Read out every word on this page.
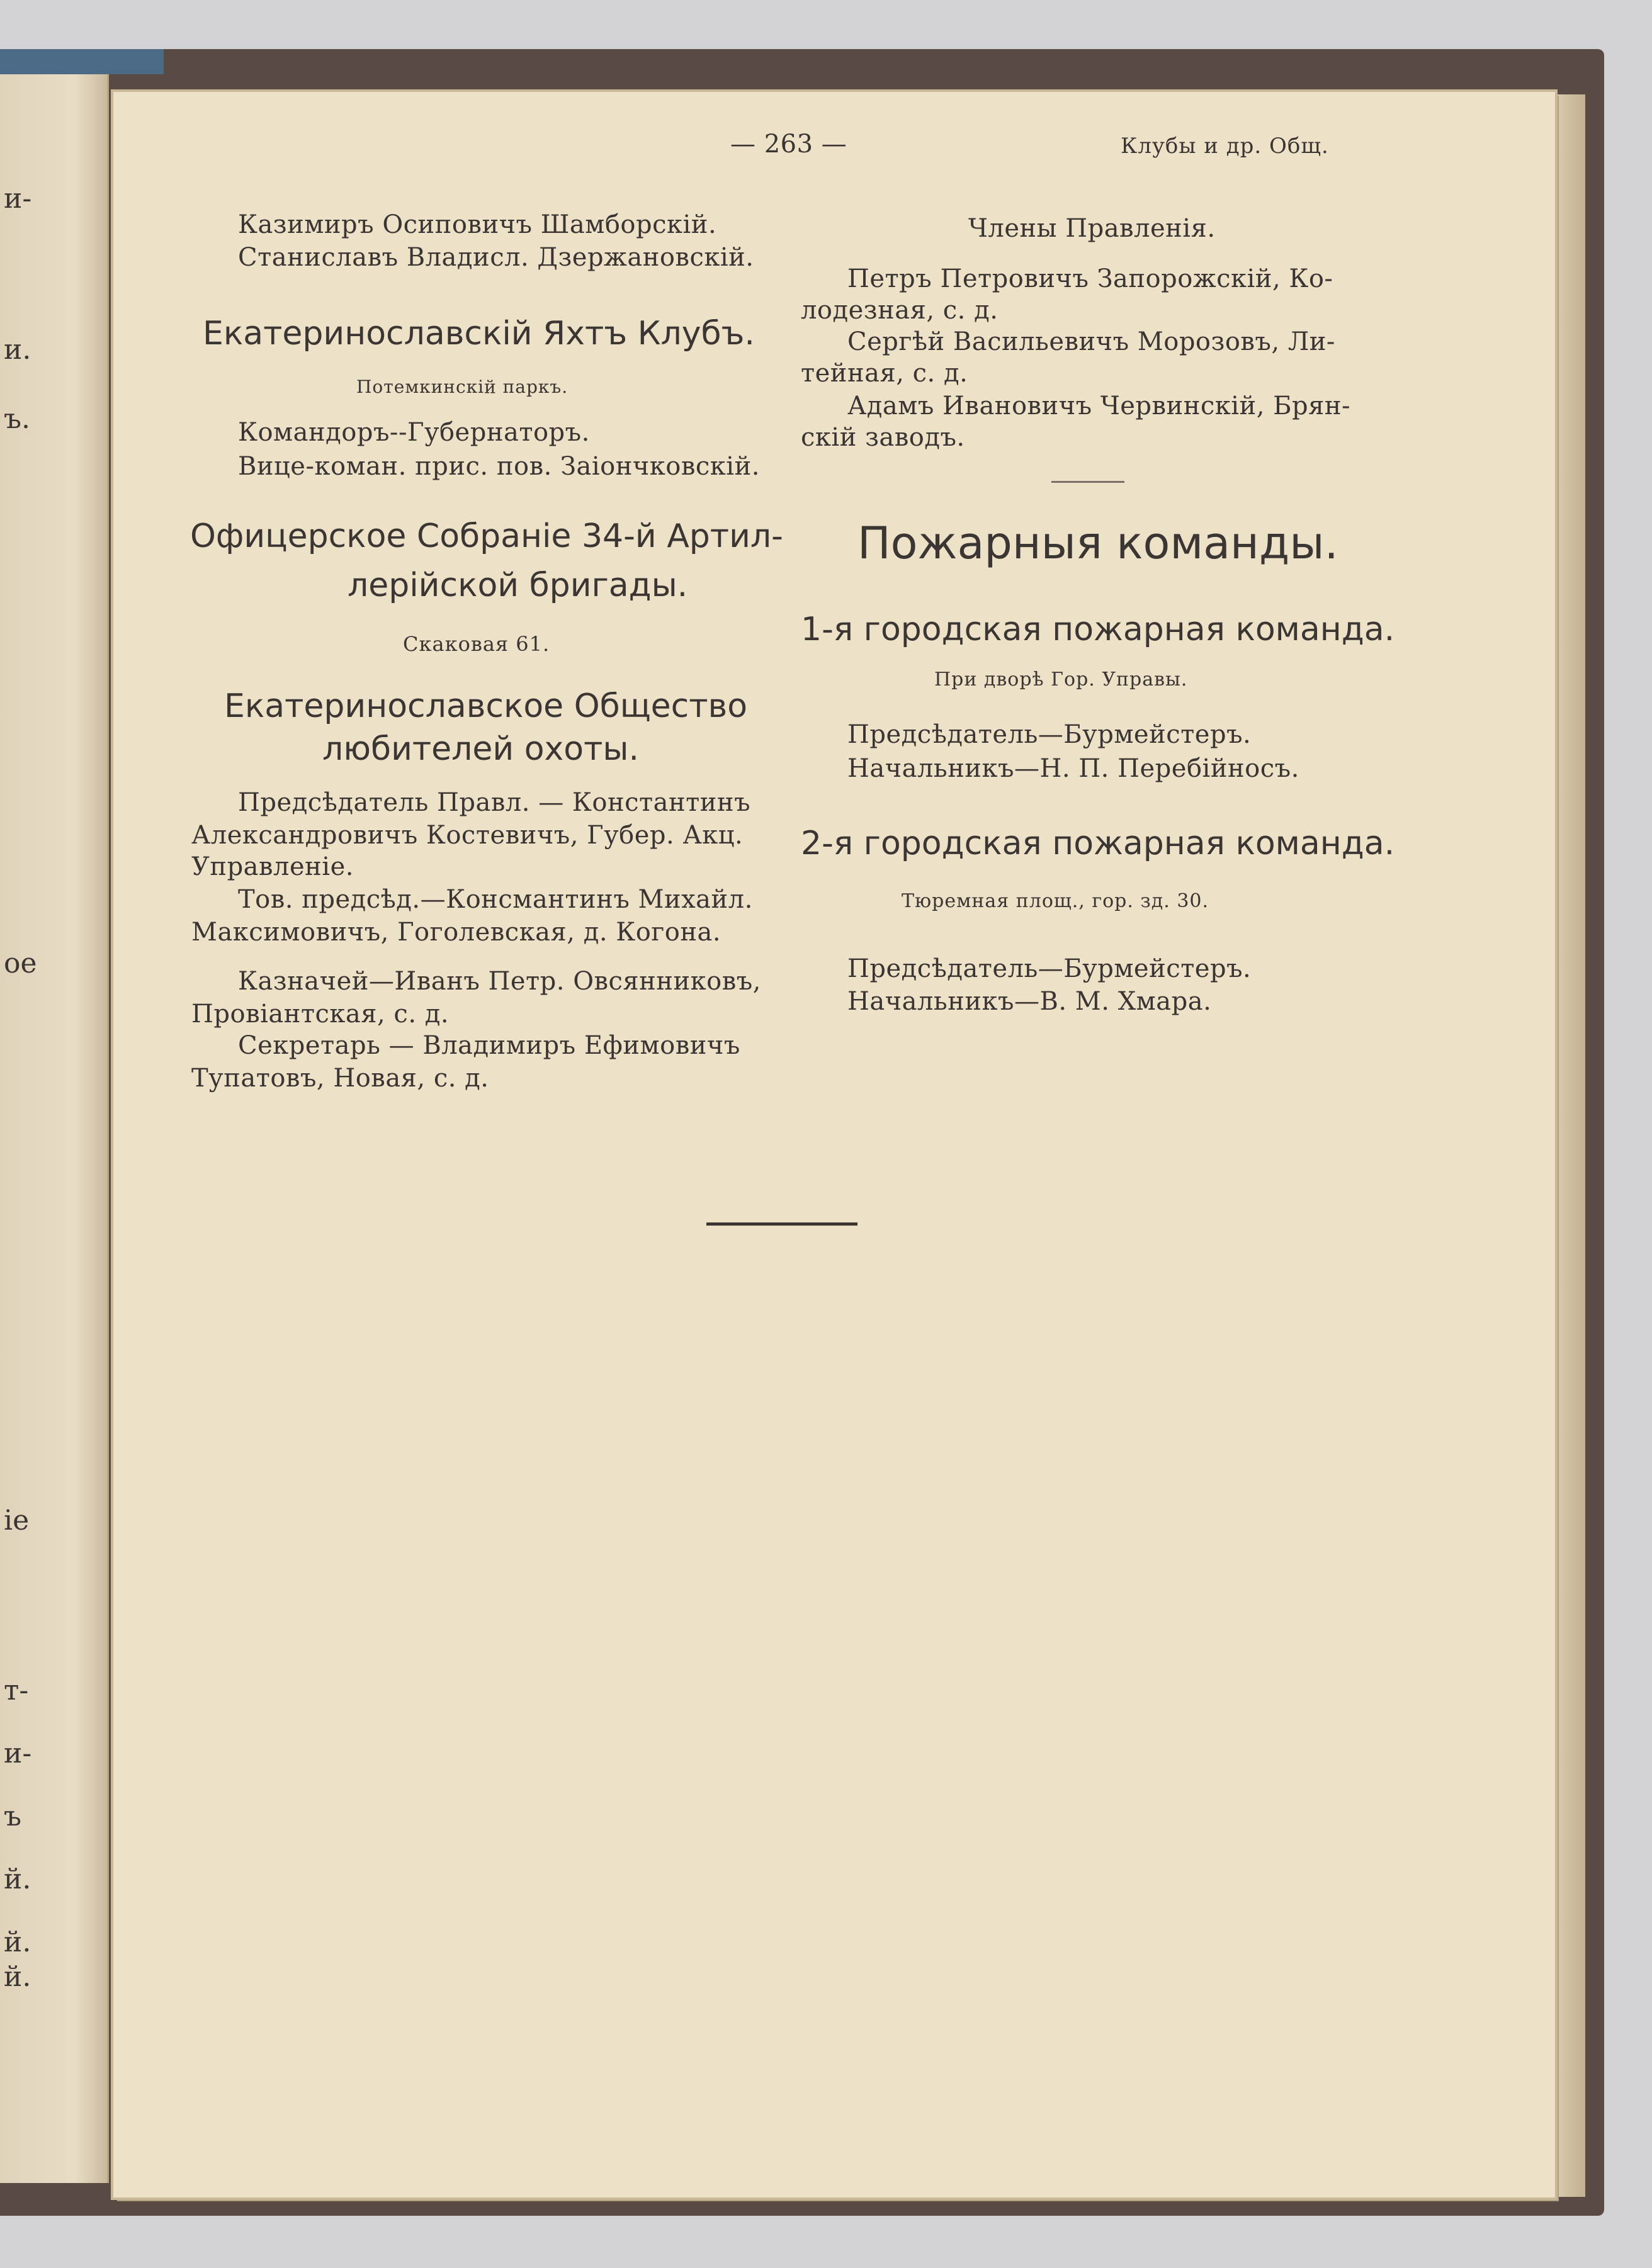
и-
и.
ъ.
ое
іе
т-
и-
ъ
й.
й.
й.

— 263 —	Клубы и др. Общ.

Казимиръ Осиповичъ Шамборскій.

Станиславъ Владисл. Дзержановскій.

Екатеринославскій Яхтъ Клубъ.

Потемкинскій паркъ.

Командоръ--Губернаторъ.

Вице-коман. прис. пов. Заіончковскій.

Офицерское Собраніе 34-й Артил-

лерійской бригады.

Скаковая 61.

Екатеринославское Общество

любителей охоты.

Предсѣдатель Правл. — Константинъ

Александровичъ Костевичъ, Губер. Акц.

Управленіе.

Тов. предсѣд.—Консмантинъ Михайл.

Максимовичъ, Гоголевская, д. Когона.

Казначей—Иванъ Петр. Овсянниковъ,

Провіантская, с. д.

Секретарь — Владимиръ Ефимовичъ

Тупатовъ, Новая, с. д.

Члены Правленія.

Петръ Петровичъ Запорожскій, Ко-

лодезная, с. д.

Сергѣй Васильевичъ Морозовъ, Ли-

тейная, с. д.

Адамъ Ивановичъ Червинскій, Брян-

скій заводъ.

Пожарныя команды.

1-я городская пожарная команда.

При дворѣ Гор. Управы.

Предсѣдатель—Бурмейстеръ.

Начальникъ—Н. П. Перебійносъ.

2-я городская пожарная команда.

Тюремная площ., гор. зд. 30.

Предсѣдатель—Бурмейстеръ.

Начальникъ—В. М. Хмара.
